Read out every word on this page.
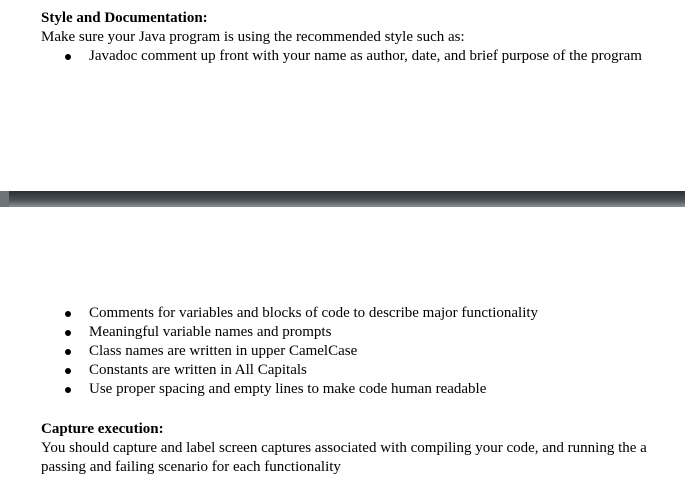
Style and Documentation:

Make sure your Java program is using the recommended style such as:

Javadoc comment up front with your name as author, date, and brief purpose of the program
Comments for variables and blocks of code to describe major functionality
Meaningful variable names and prompts
Class names are written in upper CamelCase
Constants are written in All Capitals
Use proper spacing and empty lines to make code human readable

Capture execution:

You should capture and label screen captures associated with compiling your code, and running the a passing and failing scenario for each functionality
